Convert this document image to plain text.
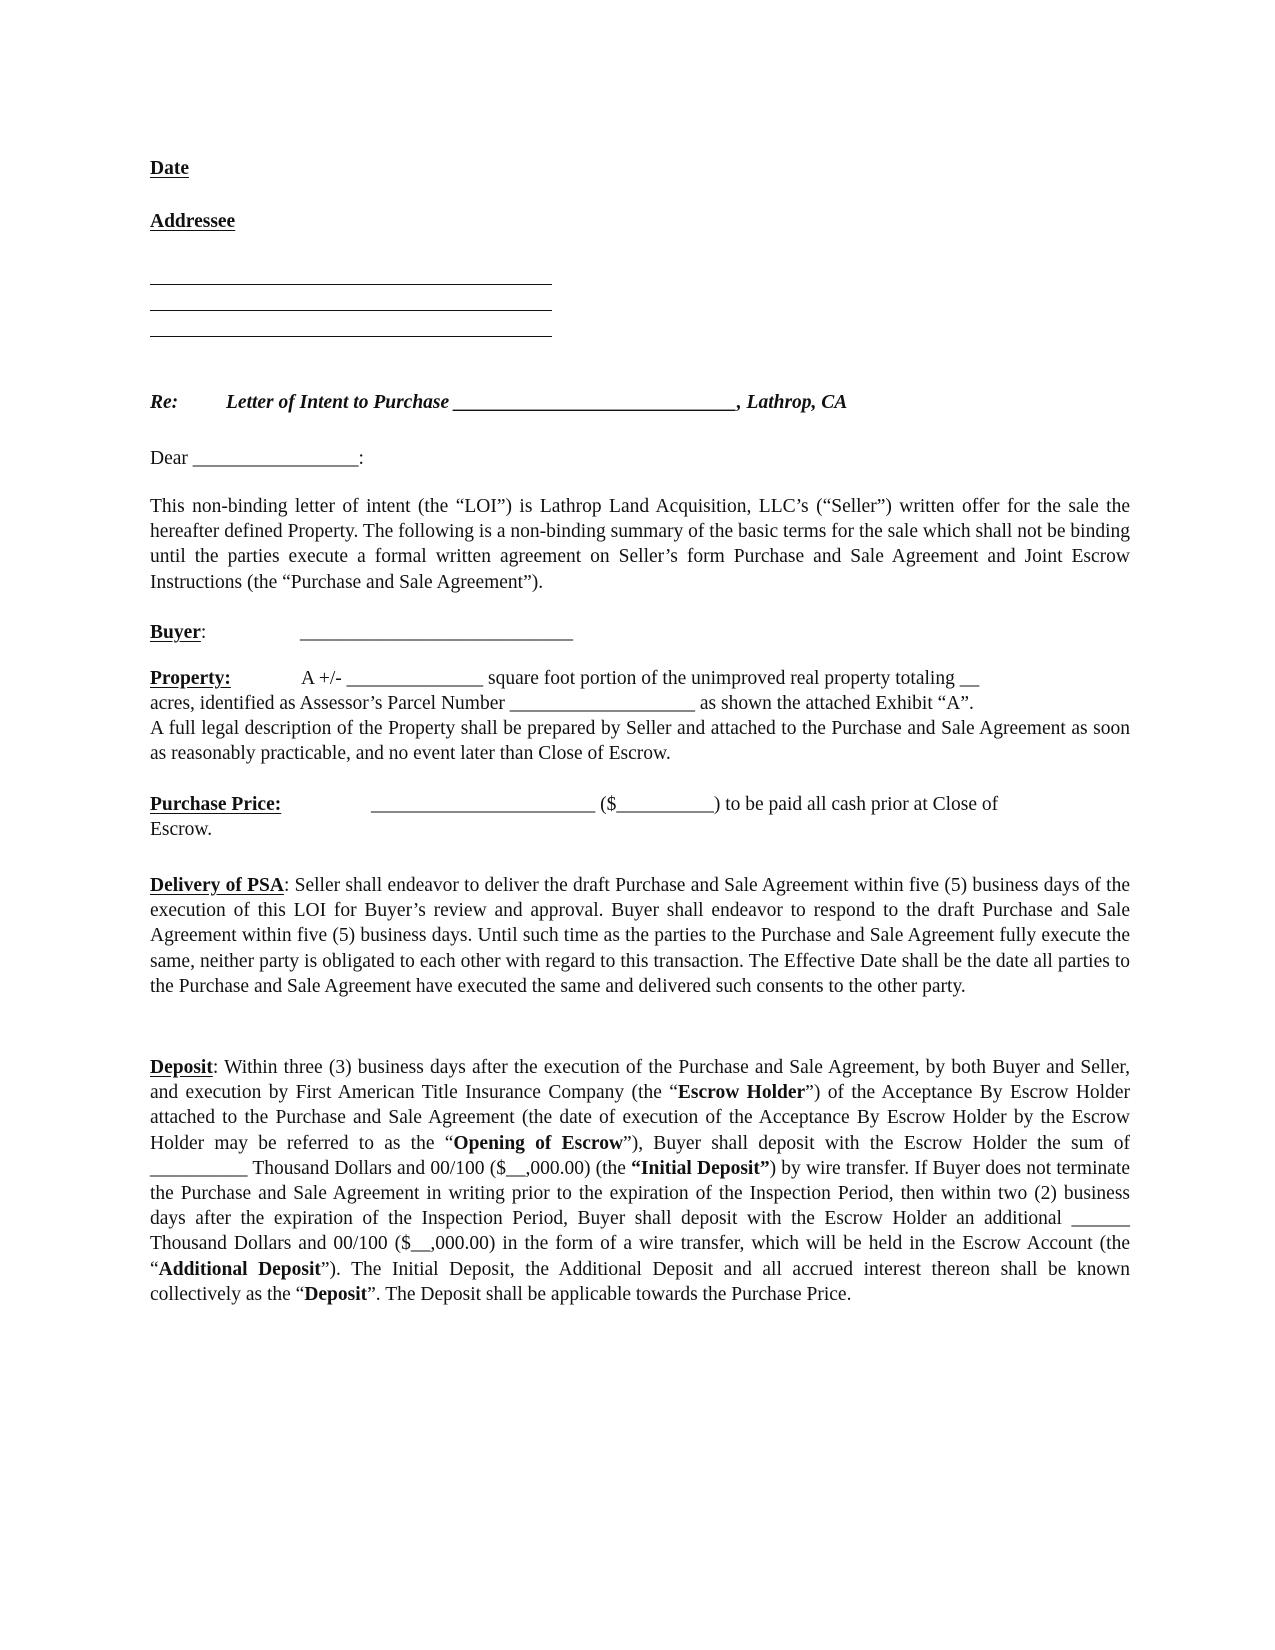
Date
Addressee
Re: Letter of Intent to Purchase _____________________________, Lathrop, CA
Dear _________________:
This non-binding letter of intent (the “LOI”) is Lathrop Land Acquisition, LLC’s (“Seller”) written offer for the sale the hereafter defined Property. The following is a non-binding summary of the basic terms for the sale which shall not be binding until the parties execute a formal written agreement on Seller’s form Purchase and Sale Agreement and Joint Escrow Instructions (the “Purchase and Sale Agreement”).
Buyer:	____________________________
Property:	A +/- ______________ square foot portion of the unimproved real property totaling __
acres, identified as Assessor’s Parcel Number ___________________ as shown the attached Exhibit “A”.
A full legal description of the Property shall be prepared by Seller and attached to the Purchase and Sale Agreement as soon as reasonably practicable, and no event later than Close of Escrow.
Purchase Price:	_______________________ ($__________) to be paid all cash prior at Close of
Escrow.
Delivery of PSA: Seller shall endeavor to deliver the draft Purchase and Sale Agreement within five (5) business days of the execution of this LOI for Buyer’s review and approval. Buyer shall endeavor to respond to the draft Purchase and Sale Agreement within five (5) business days. Until such time as the parties to the Purchase and Sale Agreement fully execute the same, neither party is obligated to each other with regard to this transaction. The Effective Date shall be the date all parties to the Purchase and Sale Agreement have executed the same and delivered such consents to the other party.
Deposit: Within three (3) business days after the execution of the Purchase and Sale Agreement, by both Buyer and Seller, and execution by First American Title Insurance Company (the “Escrow Holder”) of the Acceptance By Escrow Holder attached to the Purchase and Sale Agreement (the date of execution of the Acceptance By Escrow Holder by the Escrow Holder may be referred to as the “Opening of Escrow”), Buyer shall deposit with the Escrow Holder the sum of __________ Thousand Dollars and 00/100 ($__,000.00) (the “Initial Deposit”) by wire transfer. If Buyer does not terminate the Purchase and Sale Agreement in writing prior to the expiration of the Inspection Period, then within two (2) business days after the expiration of the Inspection Period, Buyer shall deposit with the Escrow Holder an additional ______ Thousand Dollars and 00/100 ($__,000.00) in the form of a wire transfer, which will be held in the Escrow Account (the “Additional Deposit”). The Initial Deposit, the Additional Deposit and all accrued interest thereon shall be known collectively as the “Deposit”. The Deposit shall be applicable towards the Purchase Price.
